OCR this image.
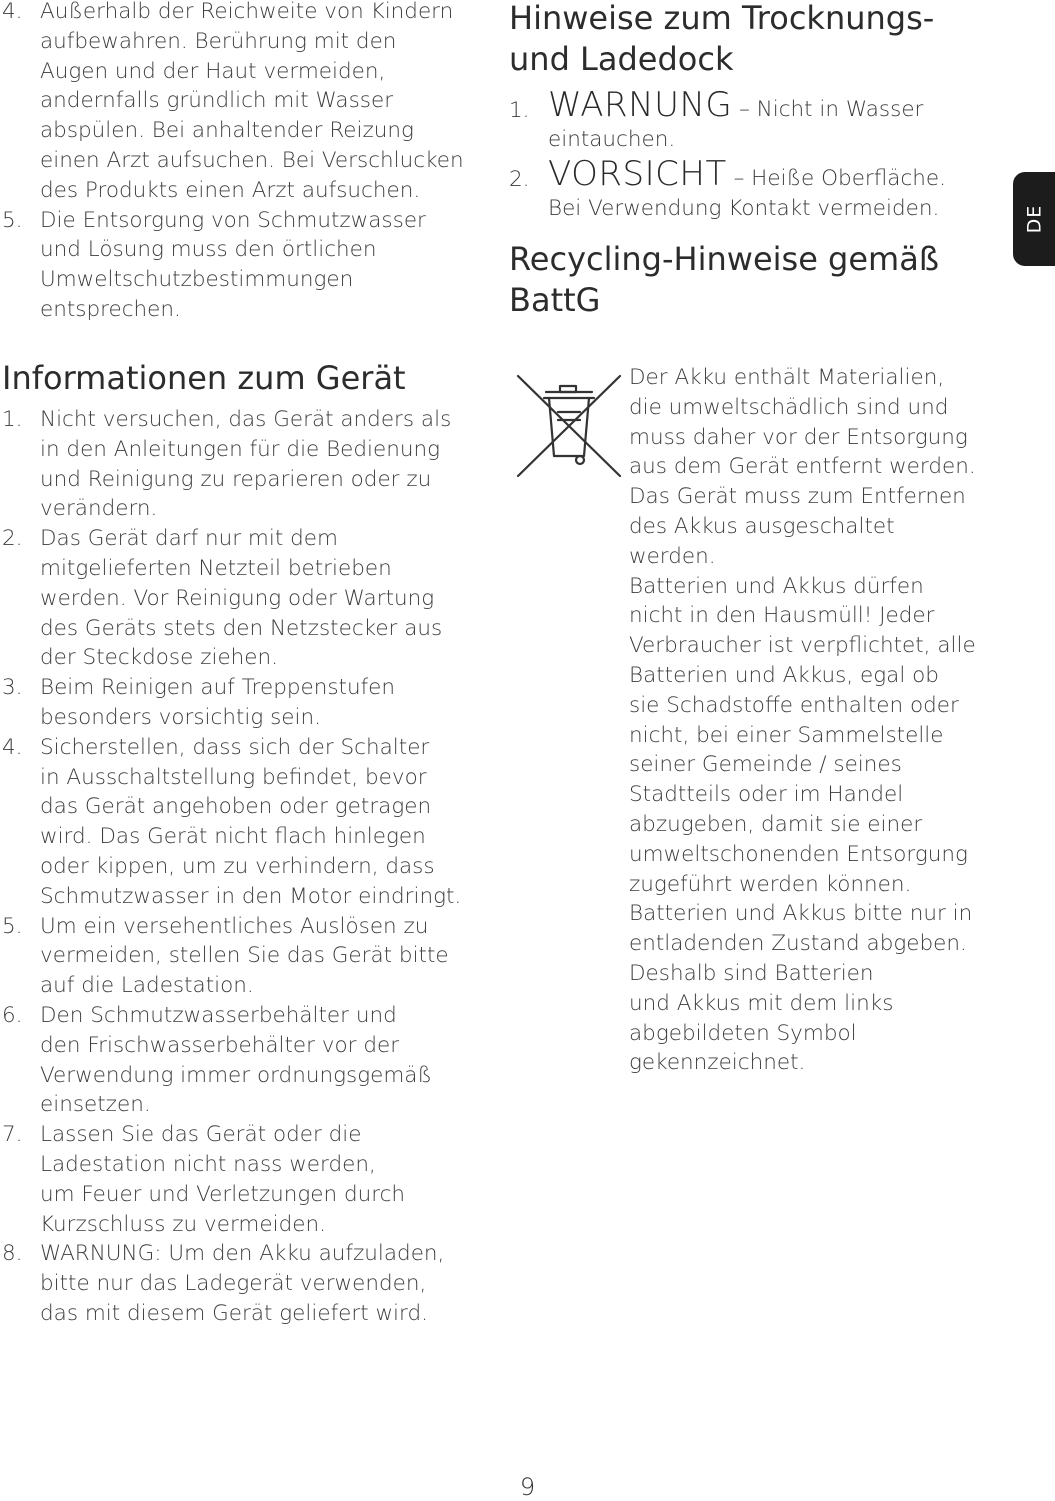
4. Außerhalb der Reichweite von Kindern
aufbewahren. Berührung mit den
Augen und der Haut vermeiden,
andernfalls gründlich mit Wasser
abspülen. Bei anhaltender Reizung
einen Arzt aufsuchen. Bei Verschlucken
des Produkts einen Arzt aufsuchen.
5. Die Entsorgung von Schmutzwasser
und Lösung muss den örtlichen
Umweltschutzbestimmungen
entsprechen.
Informationen zum Gerät
1. Nicht versuchen, das Gerät anders als
in den Anleitungen für die Bedienung
und Reinigung zu reparieren oder zu
verändern.
2. Das Gerät darf nur mit dem
mitgelieferten Netzteil betrieben
werden. Vor Reinigung oder Wartung
des Geräts stets den Netzstecker aus
der Steckdose ziehen.
3. Beim Reinigen auf Treppenstufen
besonders vorsichtig sein.
4. Sicherstellen, dass sich der Schalter
in Ausschaltstellung befindet, bevor
das Gerät angehoben oder getragen
wird. Das Gerät nicht flach hinlegen
oder kippen, um zu verhindern, dass
Schmutzwasser in den Motor eindringt.
5. Um ein versehentliches Auslösen zu
vermeiden, stellen Sie das Gerät bitte
auf die Ladestation.
6. Den Schmutzwasserbehälter und
den Frischwasserbehälter vor der
Verwendung immer ordnungsgemäß
einsetzen.
7. Lassen Sie das Gerät oder die
Ladestation nicht nass werden,
um Feuer und Verletzungen durch
Kurzschluss zu vermeiden.
8. WARNUNG: Um den Akku aufzuladen,
bitte nur das Ladegerät verwenden,
das mit diesem Gerät geliefert wird.
Hinweise zum Trocknungs-
und Ladedock
1. WARNUNG – Nicht in Wasser
eintauchen.
2. VORSICHT – Heiße Oberfläche.
Bei Verwendung Kontakt vermeiden.
Recycling-Hinweise gemäß
BattG
Der Akku enthält Materialien,
die umweltschädlich sind und
muss daher vor der Entsorgung
aus dem Gerät entfernt werden.
Das Gerät muss zum Entfernen
des Akkus ausgeschaltet
werden.
Batterien und Akkus dürfen
nicht in den Hausmüll! Jeder
Verbraucher ist verpflichtet, alle
Batterien und Akkus, egal ob
sie Schadstoffe enthalten oder
nicht, bei einer Sammelstelle
seiner Gemeinde / seines
Stadtteils oder im Handel
abzugeben, damit sie einer
umweltschonenden Entsorgung
zugeführt werden können.
Batterien und Akkus bitte nur in
entladenden Zustand abgeben.
Deshalb sind Batterien
und Akkus mit dem links
abgebildeten Symbol
gekennzeichnet.
DE
9
